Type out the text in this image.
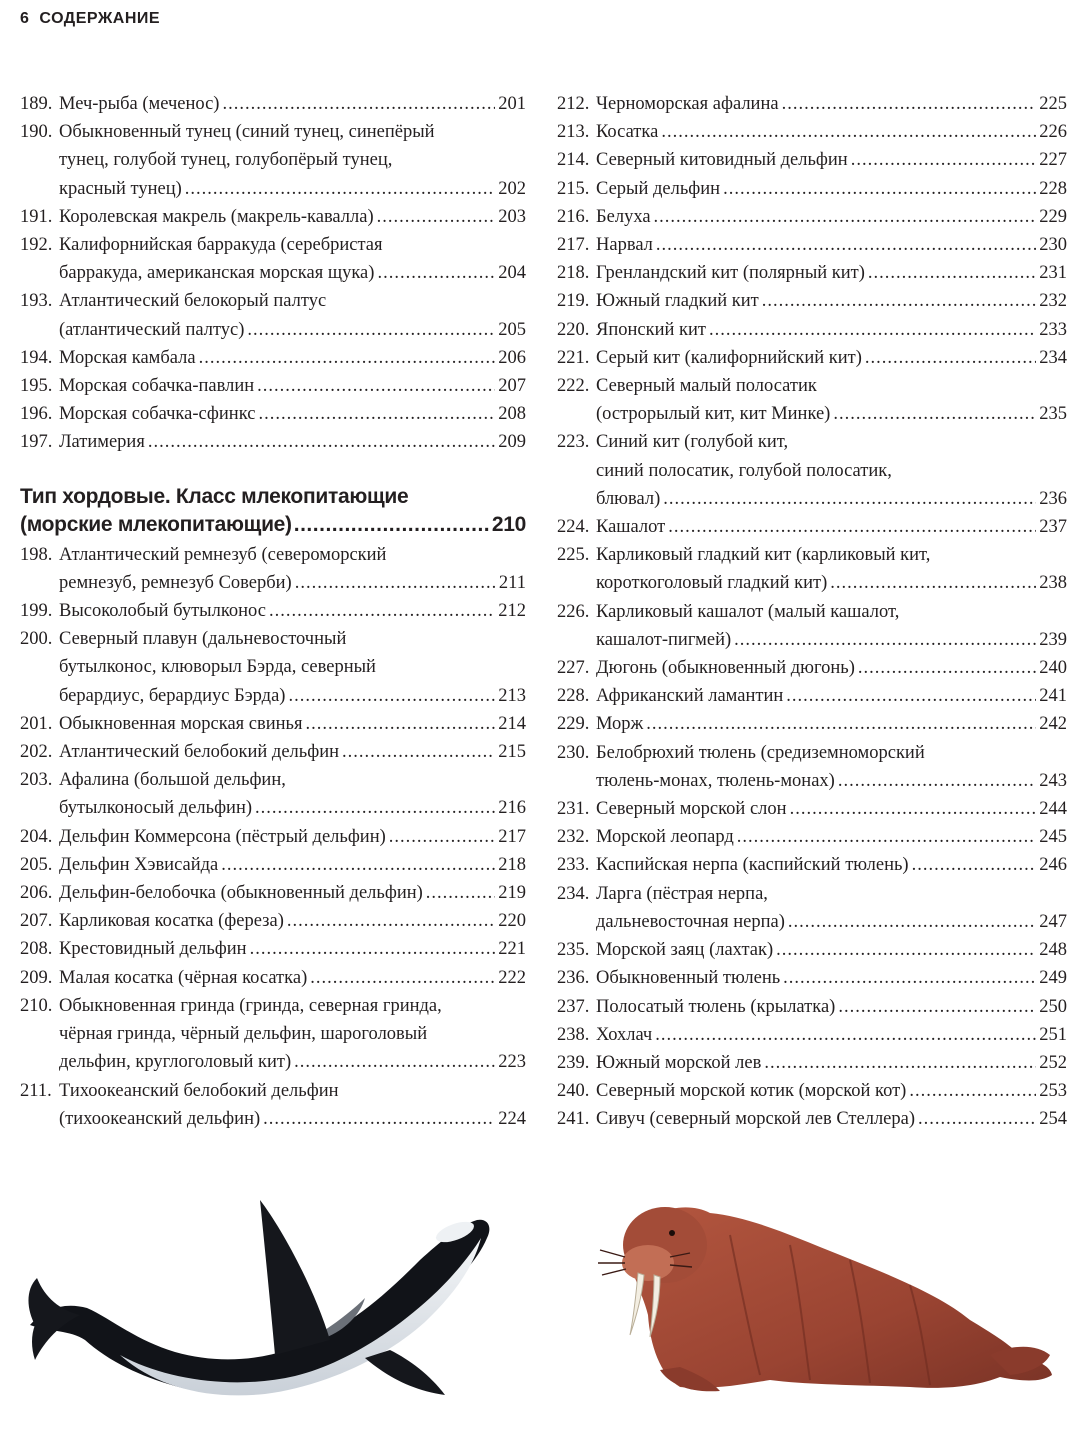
6 СОДЕРЖАНИЕ
189. Меч-рыба (меченос) .....	201
190. Обыкновенный тунец (синий тунец, синепёрый
тунец, голубой тунец, голубопёрый тунец,
красный тунец) .....	202
191. Королевская макрель (макрель-кавалла) .....	203
192. Калифорнийская барракуда (серебристая
барракуда, американская морская щука) .....	204
193. Атлантический белокорый палтус
(атлантический палтус) .....	205
194. Морская камбала .....	206
195. Морская собачка-павлин .....	207
196. Морская собачка-сфинкс .....	208
197. Латимерия .....	209
Тип хордовые. Класс млекопитающие
(морские млекопитающие) .....	210
198. Атлантический ремнезуб (североморский
ремнезуб, ремнезуб Соверби) .....	211
199. Высоколобый бутылконос .....	212
200. Северный плавун (дальневосточный
бутылконос, клюворыл Бэрда, северный
берардиус, берардиус Бэрда) .....	213
201. Обыкновенная морская свинья .....	214
202. Атлантический белобокий дельфин .....	215
203. Афалина (большой дельфин,
бутылконосый дельфин) .....	216
204. Дельфин Коммерсона (пёстрый дельфин) .....	217
205. Дельфин Хэвисайда .....	218
206. Дельфин-белобочка (обыкновенный дельфин) .....	219
207. Карликовая косатка (фереза) .....	220
208. Крестовидный дельфин .....	221
209. Малая косатка (чёрная косатка) .....	222
210. Обыкновенная гринда (гринда, северная гринда,
чёрная гринда, чёрный дельфин, шароголовый
дельфин, круглоголовый кит) .....	223
211. Тихоокеанский белобокий дельфин
(тихоокеанский дельфин) .....	224
212. Черноморская афалина .....	225
213. Косатка .....	226
214. Северный китовидный дельфин .....	227
215. Серый дельфин .....	228
216. Белуха .....	229
217. Нарвал .....	230
218. Гренландский кит (полярный кит) .....	231
219. Южный гладкий кит .....	232
220. Японский кит .....	233
221. Серый кит (калифорнийский кит) .....	234
222. Северный малый полосатик
(острорылый кит, кит Минке) .....	235
223. Синий кит (голубой кит,
синий полосатик, голубой полосатик,
блювал) .....	236
224. Кашалот .....	237
225. Карликовый гладкий кит (карликовый кит,
короткоголовый гладкий кит) .....	238
226. Карликовый кашалот (малый кашалот,
кашалот-пигмей) .....	239
227. Дюгонь (обыкновенный дюгонь) .....	240
228. Африканский ламантин .....	241
229. Морж .....	242
230. Белобрюхий тюлень (средиземноморский
тюлень-монах, тюлень-монах) .....	243
231. Северный морской слон .....	244
232. Морской леопард .....	245
233. Каспийская нерпа (каспийский тюлень) .....	246
234. Ларга (пёстрая нерпа,
дальневосточная нерпа) .....	247
235. Морской заяц (лахтак) .....	248
236. Обыкновенный тюлень .....	249
237. Полосатый тюлень (крылатка) .....	250
238. Хохлач .....	251
239. Южный морской лев .....	252
240. Северный морской котик (морской кот) .....	253
241. Сивуч (северный морской лев Стеллера) .....	254
